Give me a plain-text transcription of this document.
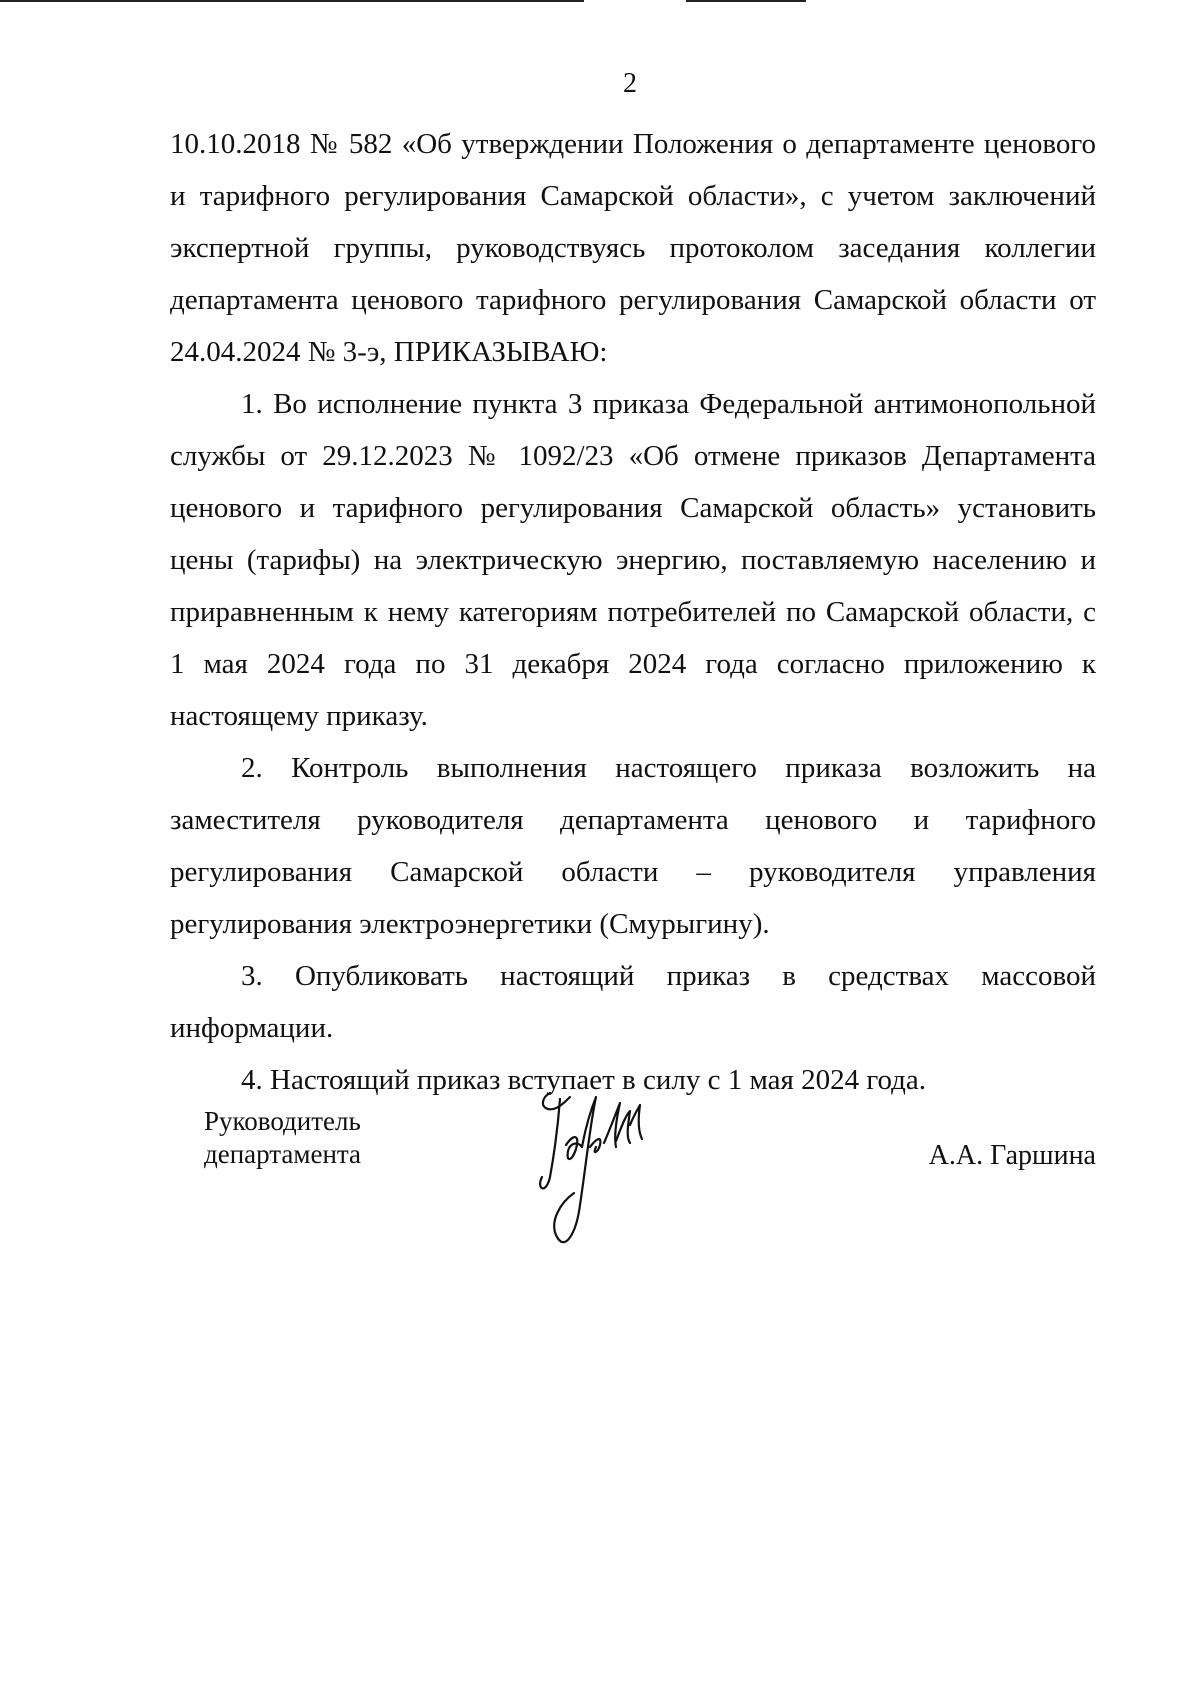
2

10.10.2018 № 582 «Об утверждении Положения о департаменте ценового и тарифного регулирования Самарской области», с учетом заключений экспертной группы, руководствуясь протоколом заседания коллегии департамента ценового тарифного регулирования Самарской области от 24.04.2024 № 3-э, ПРИКАЗЫВАЮ:

1. Во исполнение пункта 3 приказа Федеральной антимонопольной службы от 29.12.2023 № 1092/23 «Об отмене приказов Департамента ценового и тарифного регулирования Самарской область» установить цены (тарифы) на электрическую энергию, поставляемую населению и приравненным к нему категориям потребителей по Самарской области, с 1 мая 2024 года по 31 декабря 2024 года согласно приложению к настоящему приказу.

2. Контроль выполнения настоящего приказа возложить на заместителя руководителя департамента ценового и тарифного регулирования Самарской области – руководителя управления регулирования электроэнергетики (Смурыгину).

3. Опубликовать настоящий приказ в средствах массовой информации.

4. Настоящий приказ вступает в силу с 1 мая 2024 года.

Руководитель
департамента	А.А. Гаршина
